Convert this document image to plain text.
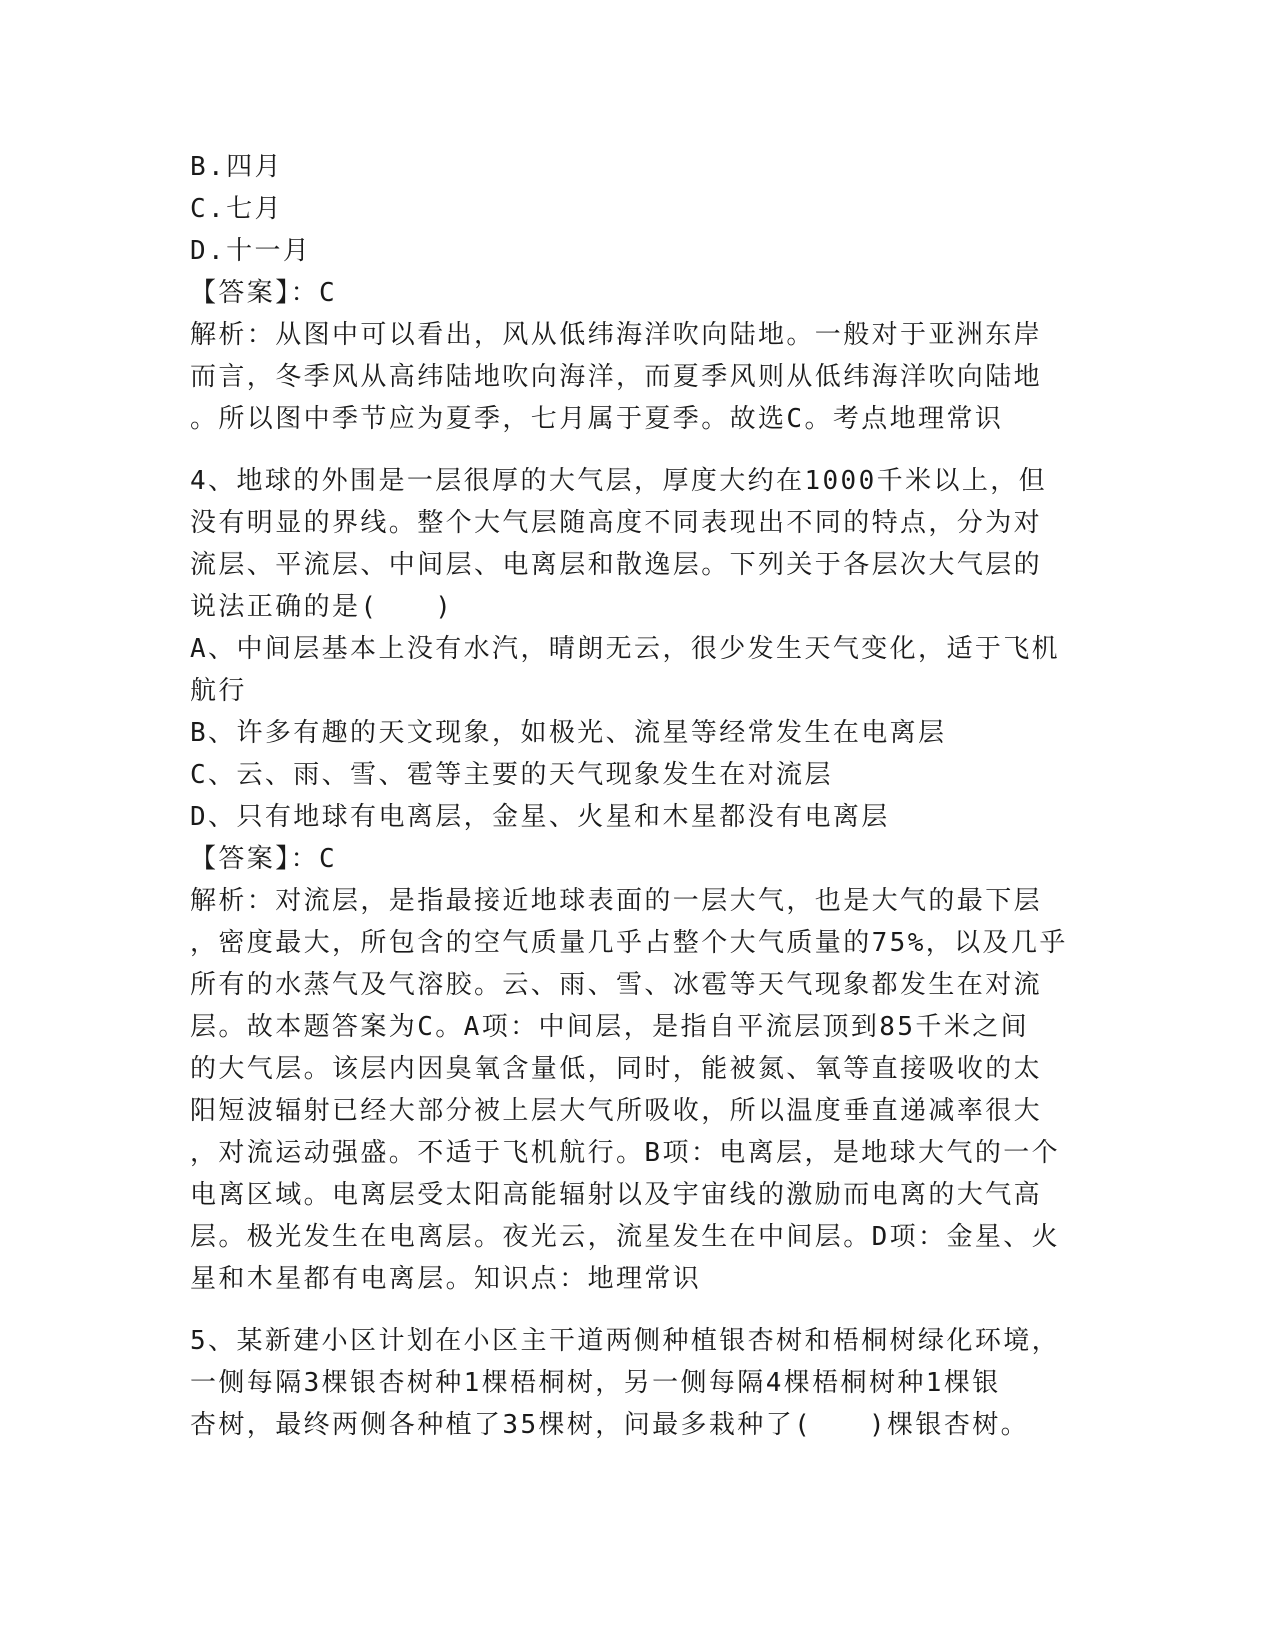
B.四月
C.七月
D.十一月
【答案】：C
解析：从图中可以看出，风从低纬海洋吹向陆地。一般对于亚洲东岸
而言，冬季风从高纬陆地吹向海洋，而夏季风则从低纬海洋吹向陆地
。所以图中季节应为夏季，七月属于夏季。故选C。考点地理常识
4、地球的外围是一层很厚的大气层，厚度大约在1000千米以上，但
没有明显的界线。整个大气层随高度不同表现出不同的特点，分为对
流层、平流层、中间层、电离层和散逸层。下列关于各层次大气层的
说法正确的是(　　)
A、中间层基本上没有水汽，晴朗无云，很少发生天气变化，适于飞机
航行
B、许多有趣的天文现象，如极光、流星等经常发生在电离层
C、云、雨、雪、雹等主要的天气现象发生在对流层
D、只有地球有电离层，金星、火星和木星都没有电离层
【答案】：C
解析：对流层，是指最接近地球表面的一层大气，也是大气的最下层
，密度最大，所包含的空气质量几乎占整个大气质量的75%，以及几乎
所有的水蒸气及气溶胶。云、雨、雪、冰雹等天气现象都发生在对流
层。故本题答案为C。A项：中间层，是指自平流层顶到85千米之间
的大气层。该层内因臭氧含量低，同时，能被氮、氧等直接吸收的太
阳短波辐射已经大部分被上层大气所吸收，所以温度垂直递减率很大
，对流运动强盛。不适于飞机航行。B项：电离层，是地球大气的一个
电离区域。电离层受太阳高能辐射以及宇宙线的激励而电离的大气高
层。极光发生在电离层。夜光云，流星发生在中间层。D项：金星、火
星和木星都有电离层。知识点：地理常识
5、某新建小区计划在小区主干道两侧种植银杏树和梧桐树绿化环境，
一侧每隔3棵银杏树种1棵梧桐树，另一侧每隔4棵梧桐树种1棵银
杏树，最终两侧各种植了35棵树，问最多栽种了(　　)棵银杏树。
